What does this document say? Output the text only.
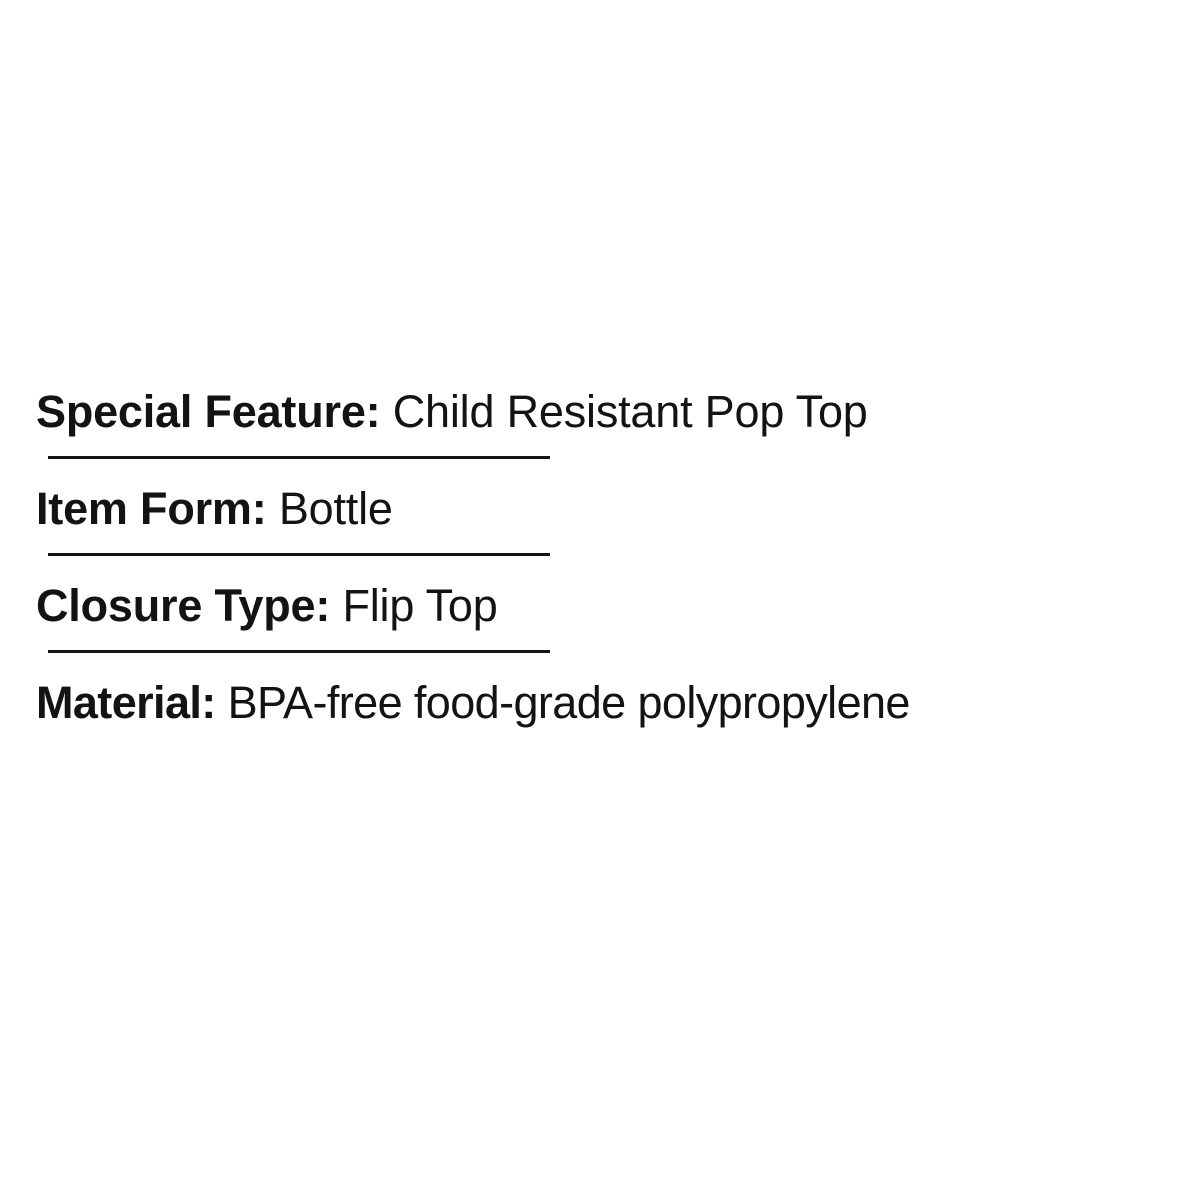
Special Feature: Child Resistant Pop Top
Item Form: Bottle
Closure Type: Flip Top
Material: BPA-free food-grade polypropylene
